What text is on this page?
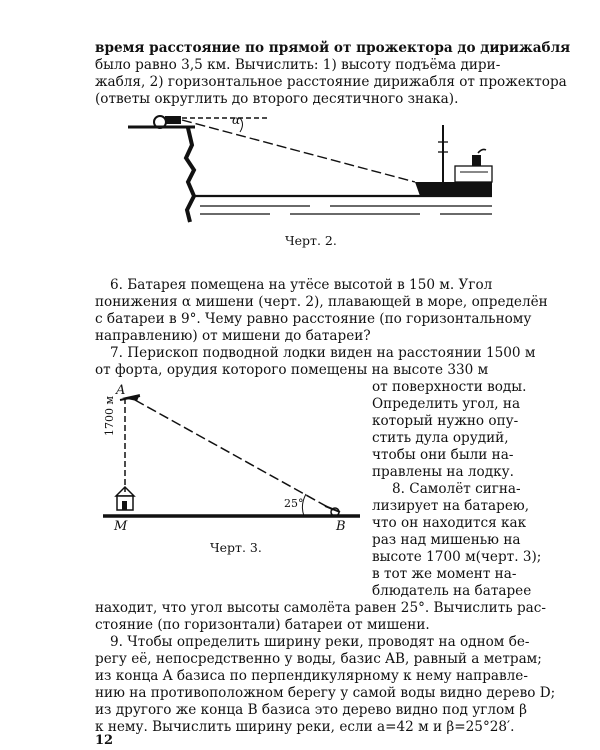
время расстояние по прямой от прожектора до дирижабля
было равно 3,5 км. Вычислить: 1) высоту подъёма дири-
жабля, 2) горизонтальное расстояние дирижабля от прожектора
(ответы округлить до второго десятичного знака).
α
Черт. 2.
6. Батарея помещена на утёсе высотой в 150 м. Угол
понижения α мишени (черт. 2), плавающей в море, определён
с батареи в 9°. Чему равно расстояние (по горизонтальному
направлению) от мишени до батареи?
7. Перископ подводной лодки виден на расстоянии 1500 м
от форта, орудия которого помещены на высоте 330 м
от поверхности воды.
Определить угол, на
который нужно опу-
стить дула орудий,
чтобы они были на-
правлены на лодку.
8. Самолёт сигна-
лизирует на батарею,
что он находится как
раз над мишенью на
высоте 1700 м(черт. 3);
в тот же момент на-
блюдатель на батарее
находит, что угол высоты самолёта равен 25°. Вычислить рас-
стояние (по горизонтали) батареи от мишени.
A
M	B
1700 м
25°
Черт. 3.
9. Чтобы определить ширину реки, проводят на одном бе-
регу её, непосредственно у воды, базис AB, равный a метрам;
из конца A базиса по перпендикулярному к нему направле-
нию на противоположном берегу у самой воды видно дерево D;
из другого же конца B базиса это дерево видно под углом β
к нему. Вычислить ширину реки, если a=42 м и β=25°28′.
12
